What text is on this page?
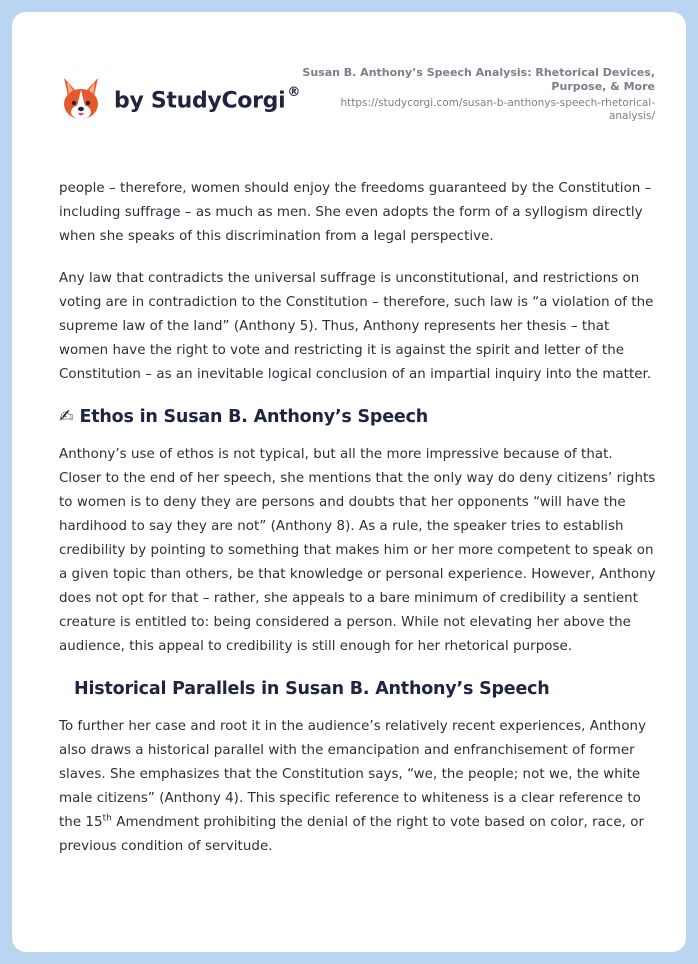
by StudyCorgi ®
Susan B. Anthony’s Speech Analysis: Rhetorical Devices, Purpose, & More
https://studycorgi.com/susan-b-anthonys-speech-rhetorical-analysis/

people – therefore, women should enjoy the freedoms guaranteed by the Constitution – including suffrage – as much as men. She even adopts the form of a syllogism directly when she speaks of this discrimination from a legal perspective.

Any law that contradicts the universal suffrage is unconstitutional, and restrictions on voting are in contradiction to the Constitution – therefore, such law is “a violation of the supreme law of the land” (Anthony 5). Thus, Anthony represents her thesis – that women have the right to vote and restricting it is against the spirit and letter of the Constitution – as an inevitable logical conclusion of an impartial inquiry into the matter.

✍ Ethos in Susan B. Anthony’s Speech

Anthony’s use of ethos is not typical, but all the more impressive because of that. Closer to the end of her speech, she mentions that the only way do deny citizens’ rights to women is to deny they are persons and doubts that her opponents “will have the hardihood to say they are not” (Anthony 8). As a rule, the speaker tries to establish credibility by pointing to something that makes him or her more competent to speak on a given topic than others, be that knowledge or personal experience. However, Anthony does not opt for that – rather, she appeals to a bare minimum of credibility a sentient creature is entitled to: being considered a person. While not elevating her above the audience, this appeal to credibility is still enough for her rhetorical purpose.

Historical Parallels in Susan B. Anthony’s Speech

To further her case and root it in the audience’s relatively recent experiences, Anthony also draws a historical parallel with the emancipation and enfranchisement of former slaves. She emphasizes that the Constitution says, “we, the people; not we, the white male citizens” (Anthony 4). This specific reference to whiteness is a clear reference to the 15th Amendment prohibiting the denial of the right to vote based on color, race, or previous condition of servitude.
